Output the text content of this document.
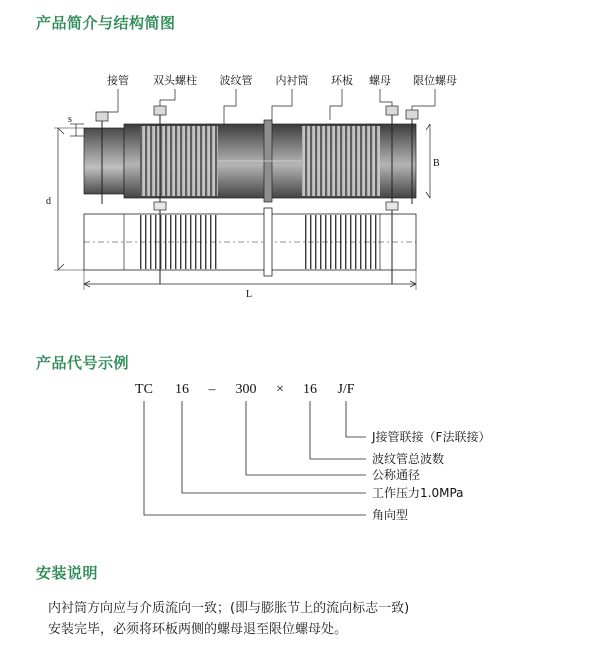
产品简介与结构简图
接管 双头螺柱 波纹管 内衬筒 环板 螺母 限位螺母
s
d
B
L
产品代号示例
TC 16 – 300 × 16 J/F
J接管联接（F法联接）
波纹管总波数
公称通径
工作压力1.0MPa
角向型
安装说明
内衬筒方向应与介质流向一致；(即与膨胀节上的流向标志一致)
安装完毕，必须将环板两侧的螺母退至限位螺母处。
